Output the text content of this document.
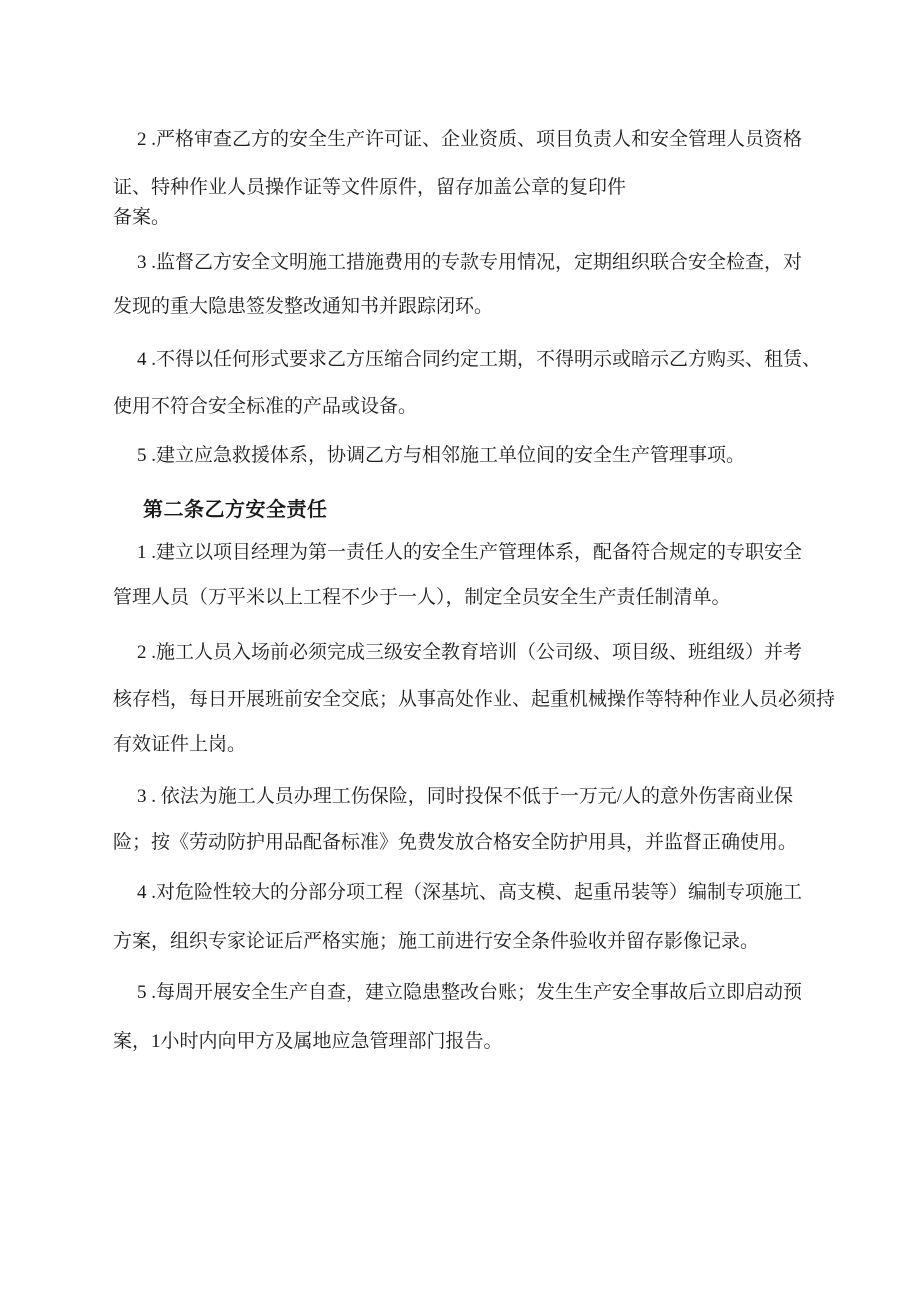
2 .严格审查乙方的安全生产许可证、企业资质、项目负责人和安全管理人员资格
证、特种作业人员操作证等文件原件，留存加盖公章的复印件
备案。
3 .监督乙方安全文明施工措施费用的专款专用情况，定期组织联合安全检查，对
发现的重大隐患签发整改通知书并跟踪闭环。
4 .不得以任何形式要求乙方压缩合同约定工期，不得明示或暗示乙方购买、租赁、
使用不符合安全标准的产品或设备。
5 .建立应急救援体系，协调乙方与相邻施工单位间的安全生产管理事项。
第二条乙方安全责任
1 .建立以项目经理为第一责任人的安全生产管理体系，配备符合规定的专职安全
管理人员（万平米以上工程不少于一人），制定全员安全生产责任制清单。
2 .施工人员入场前必须完成三级安全教育培训（公司级、项目级、班组级）并考
核存档，每日开展班前安全交底；从事高处作业、起重机械操作等特种作业人员必须持
有效证件上岗。
3 . 依法为施工人员办理工伤保险，同时投保不低于一万元/人的意外伤害商业保
险；按《劳动防护用品配备标准》免费发放合格安全防护用具，并监督正确使用。
4 .对危险性较大的分部分项工程（深基坑、高支模、起重吊装等）编制专项施工
方案，组织专家论证后严格实施；施工前进行安全条件验收并留存影像记录。
5 .每周开展安全生产自查，建立隐患整改台账；发生生产安全事故后立即启动预
案，1小时内向甲方及属地应急管理部门报告。
